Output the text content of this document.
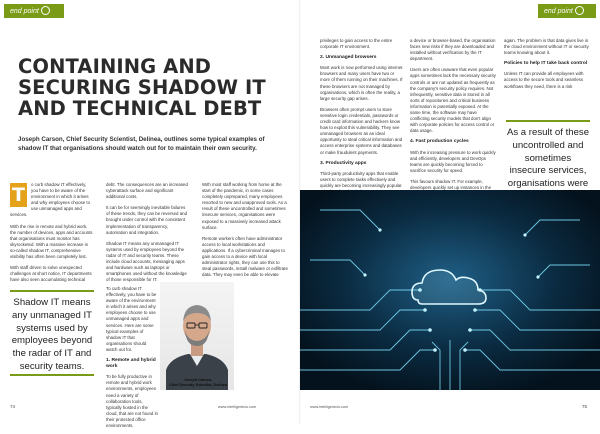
end point
CONTAINING AND SECURING SHADOW IT AND TECHNICAL DEBT

Joseph Carson, Chief Security Scientist, Delinea, outlines some typical examples of shadow IT that organisations should watch out for to maintain their own security.

T	o curb shadow IT effectively, you have to be aware of the environment in which it arises and why employees choose to use unmanaged apps and services.

With the rise in remote and hybrid work, the number of devices, apps and accounts that organisations must monitor has skyrocketed. With a massive increase in so-called shadow IT, comprehensive visibility has often been completely lost.

With staff driven to solve unexpected challenges at short notice, IT departments have also seen accumulating technical

Shadow IT means any unmanaged IT systems used by employees beyond the radar of IT and security teams.

debt. The consequences are an increased cyberattack surface and significant additional costs.

It can be for seemingly inevitable failures of these trends, they can be reversed and brought under control with the consistent implementation of transparency, automation and integration.

Shadow IT means any unmanaged IT systems used by employees beyond the radar of IT and security teams. These include cloud accounts, messaging apps and hardware such as laptops or smartphones used without the knowledge of those responsible for IT.

To curb shadow IT effectively, you have to be aware of the environment in which it arises and why employees choose to use unmanaged apps and services. Here are some typical examples of shadow IT that organisations should watch out for.

1. Remote and hybrid work

To be fully productive in remote and hybrid work environments, employees need a variety of collaboration tools, typically hosted in the cloud, that are not found in their protected office environments.

With most staff working from home at the start of the pandemic, in some cases completely unprepared, many employees resorted to new and unapproved tools. As a result of these uncontrolled and sometimes insecure services, organisations were exposed to a massively increased attack surface.

Remote workers often have administrator access to local workstations and applications. If a cybercriminal manages to gain access to a device with local administrator rights, they can use this to steal passwords, install malware or exfiltrate data. They may even be able to elevate

Joseph Carson,
Chief Security Scientist, Delinea
74	www.intelligentcio.com
end point

privileges to gain access to the entire corporate IT environment.

2. Unmanaged browsers

Most work is now performed using internet browsers and many users have two or more of them running on their machines. If these browsers are not managed by organisations, which is often the reality, a large security gap arises.

Browsers often prompt users to store sensitive login credentials, passwords or credit card information and hackers know how to exploit this vulnerability. They see unmanaged browsers as an ideal opportunity to steal critical information and access enterprise systems and databases or make fraudulent payments.

3. Productivity apps

Third-party productivity apps that enable users to complete tasks effectively and quickly are becoming increasingly popular.

a device or browser-based, the organisation faces new risks if they are downloaded and installed without verification by the IT department.

Users are often unaware that even popular apps sometimes lack the necessary security controls or are not updated as frequently as the company's security policy requires. Not infrequently, sensitive data is stored in all sorts of repositories and critical business information is potentially exposed. At the same time, the software may have conflicting security models that don't align with corporate policies for access control or data usage.

4. Fast production cycles

With the increasing pressure to work quickly and efficiently, developers and DevOps teams are quickly becoming forced to sacrifice security for speed.

This favours shadow IT. For example, developers quickly set up instances in the

again. The problem is that data gives live in the cloud environment without IT or security teams knowing about it.

Policies to help IT take back control

Unless IT can provide all employees with access to the secure tools and seamless workflows they need, there is a risk

As a result of these uncontrolled and sometimes insecure services, organisations were
www.intelligentcio.com	75
